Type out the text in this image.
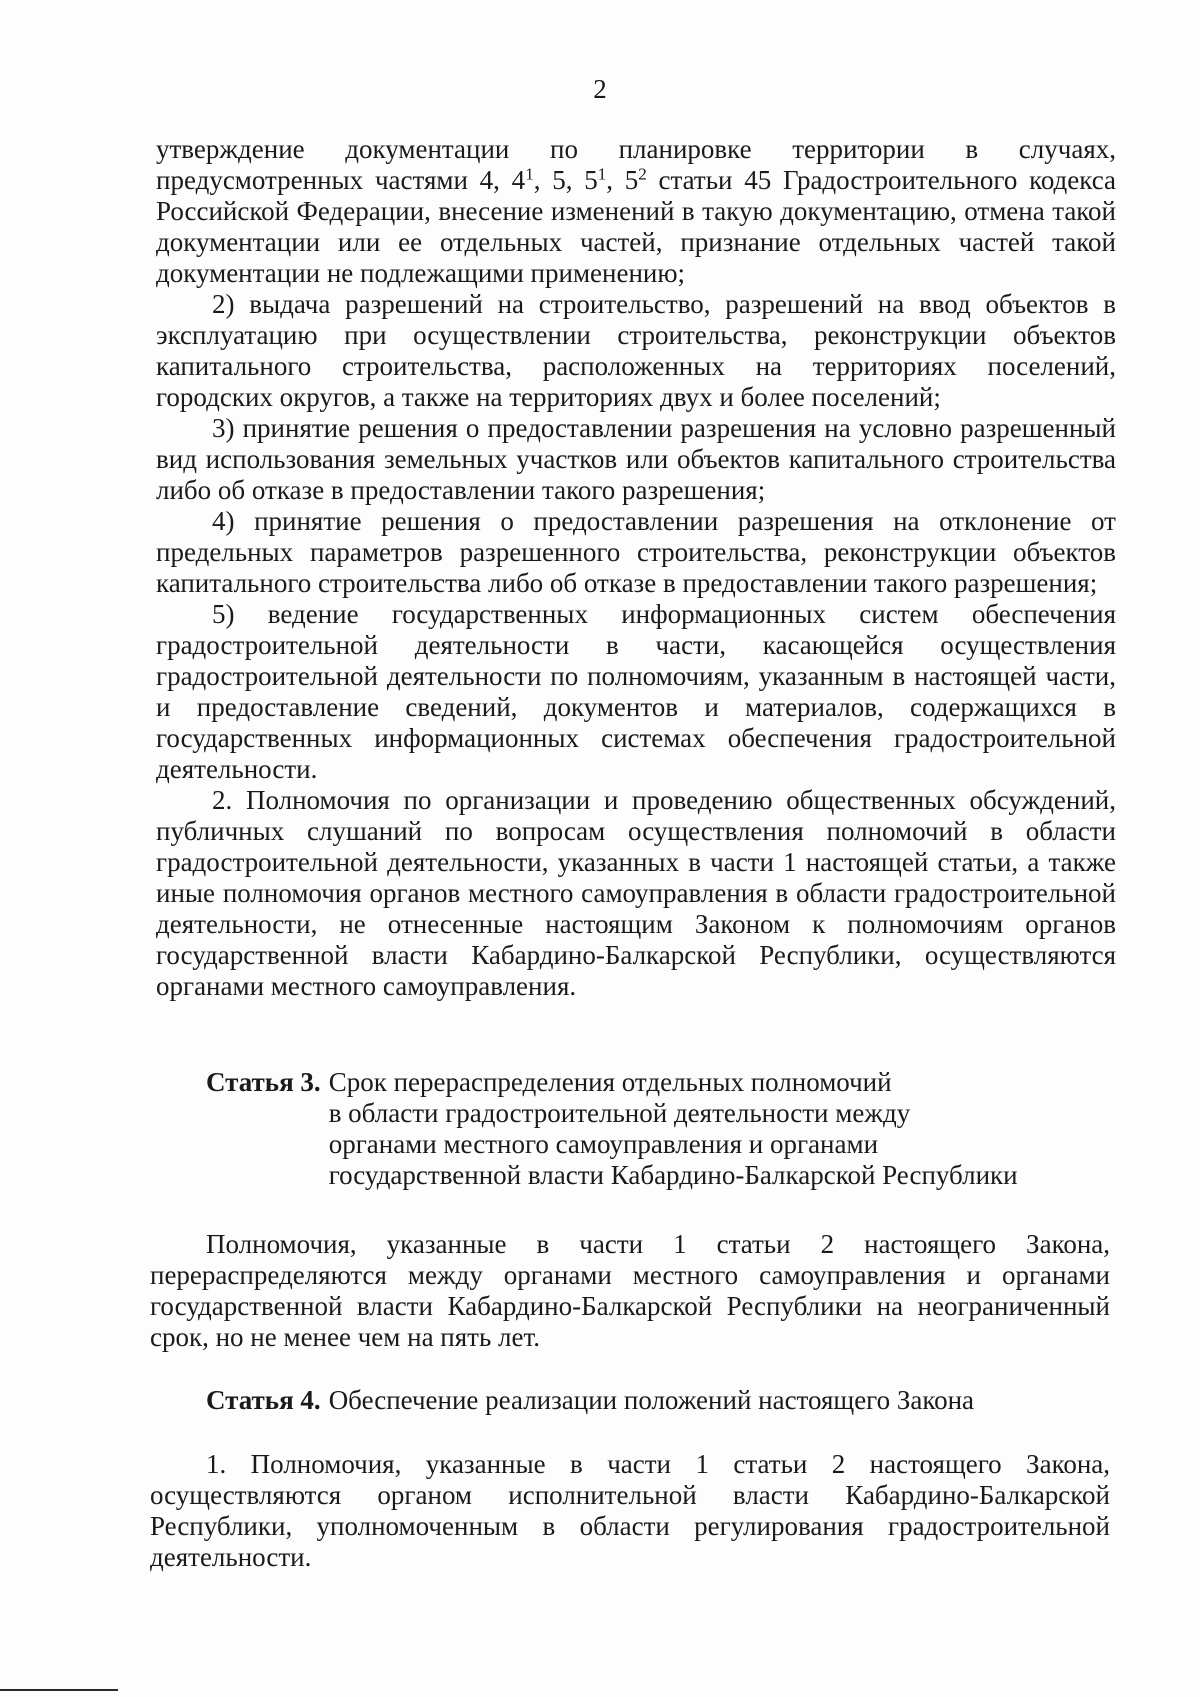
2

утверждение документации по планировке территории в случаях, предусмотренных частями 4, $4^1$, 5, $5^1$, $5^2$ статьи 45 Градостроительного кодекса Российской Федерации, внесение изменений в такую документацию, отмена такой документации или ее отдельных частей, признание отдельных частей такой документации не подлежащими применению;

2) выдача разрешений на строительство, разрешений на ввод объектов в эксплуатацию при осуществлении строительства, реконструкции объектов капитального строительства, расположенных на территориях поселений, городских округов, а также на территориях двух и более поселений;

3) принятие решения о предоставлении разрешения на условно разрешенный вид использования земельных участков или объектов капитального строительства либо об отказе в предоставлении такого разрешения;

4) принятие решения о предоставлении разрешения на отклонение от предельных параметров разрешенного строительства, реконструкции объектов капитального строительства либо об отказе в предоставлении такого разрешения;

5) ведение государственных информационных систем обеспечения градостроительной деятельности в части, касающейся осуществления градостроительной деятельности по полномочиям, указанным в настоящей части, и предоставление сведений, документов и материалов, содержащихся в государственных информационных системах обеспечения градостроительной деятельности.

2. Полномочия по организации и проведению общественных обсуждений, публичных слушаний по вопросам осуществления полномочий в области градостроительной деятельности, указанных в части 1 настоящей статьи, а также иные полномочия органов местного самоуправления в области градостроительной деятельности, не отнесенные настоящим Законом к полномочиям органов государственной власти Кабардино-Балкарской Республики, осуществляются органами местного самоуправления.

Статья 3. Срок перераспределения отдельных полномочий
в области градостроительной деятельности между
органами местного самоуправления и органами
государственной власти Кабардино-Балкарской Республики

Полномочия, указанные в части 1 статьи 2 настоящего Закона, перераспределяются между органами местного самоуправления и органами государственной власти Кабардино-Балкарской Республики на неограниченный срок, но не менее чем на пять лет.

Статья 4. Обеспечение реализации положений настоящего Закона

1. Полномочия, указанные в части 1 статьи 2 настоящего Закона, осуществляются органом исполнительной власти Кабардино-Балкарской Республики, уполномоченным в области регулирования градостроительной деятельности.
